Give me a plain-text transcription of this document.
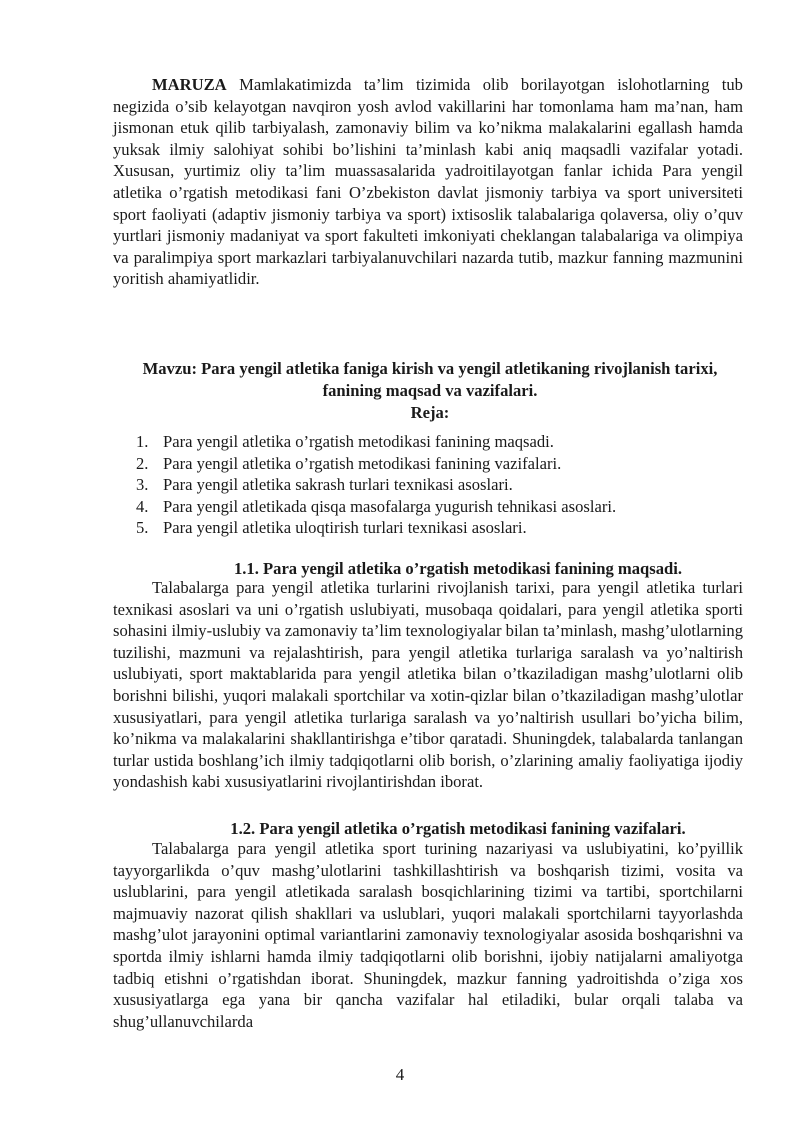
MARUZA Mamlakatimizda ta’lim tizimida olib borilayotgan islohotlarning tub negizida o’sib kelayotgan navqiron yosh avlod vakillarini har tomonlama ham ma’nan, ham jismonan etuk qilib tarbiyalash, zamonaviy bilim va ko’nikma malakalarini egallash hamda yuksak ilmiy salohiyat sohibi bo’lishini ta’minlash kabi aniq maqsadli vazifalar yotadi. Xususan, yurtimiz oliy ta’lim muassasalarida yadroitilayotgan fanlar ichida Para yengil atletika o’rgatish metodikasi fani O’zbekiston davlat jismoniy tarbiya va sport universiteti sport faoliyati (adaptiv jismoniy tarbiya va sport) ixtisoslik talabalariga qolaversa, oliy o’quv yurtlari jismoniy madaniyat va sport fakulteti imkoniyati cheklangan talabalariga va olimpiya va paralimpiya sport markazlari tarbiyalanuvchilari nazarda tutib, mazkur fanning mazmunini yoritish ahamiyatlidir.

Mavzu: Para yengil atletika faniga kirish va yengil atletikaning rivojlanish tarixi,
fanining maqsad va vazifalari.
Reja:
1. Para yengil atletika o’rgatish metodikasi fanining maqsadi.
2. Para yengil atletika o’rgatish metodikasi fanining vazifalari.
3. Para yengil atletika sakrash turlari texnikasi asoslari.
4. Para yengil atletikada qisqa masofalarga yugurish tehnikasi asoslari.
5. Para yengil atletika uloqtirish turlari texnikasi asoslari.
1.1. Para yengil atletika o’rgatish metodikasi fanining maqsadi.

Talabalarga para yengil atletika turlarini rivojlanish tarixi, para yengil atletika turlari texnikasi asoslari va uni o’rgatish uslubiyati, musobaqa qoidalari, para yengil atletika sporti sohasini ilmiy-uslubiy va zamonaviy ta’lim texnologiyalar bilan ta’minlash, mashg’ulotlarning tuzilishi, mazmuni va rejalashtirish, para yengil atletika turlariga saralash va yo’naltirish uslubiyati, sport maktablarida para yengil atletika bilan o’tkaziladigan mashg’ulotlarni olib borishni bilishi, yuqori malakali sportchilar va xotin-qizlar bilan o’tkaziladigan mashg’ulotlar xususiyatlari, para yengil atletika turlariga saralash va yo’naltirish usullari bo’yicha bilim, ko’nikma va malakalarini shakllantirishga e’tibor qaratadi. Shuningdek, talabalarda tanlangan turlar ustida boshlang’ich ilmiy tadqiqotlarni olib borish, o’zlarining amaliy faoliyatiga ijodiy yondashish kabi xususiyatlarini rivojlantirishdan iborat.

1.2. Para yengil atletika o’rgatish metodikasi fanining vazifalari.

Talabalarga para yengil atletika sport turining nazariyasi va uslubiyatini, ko’pyillik tayyorgarlikda o’quv mashg’ulotlarini tashkillashtirish va boshqarish tizimi, vosita va uslublarini, para yengil atletikada saralash bosqichlarining tizimi va tartibi, sportchilarni majmuaviy nazorat qilish shakllari va uslublari, yuqori malakali sportchilarni tayyorlashda mashg’ulot jarayonini optimal variantlarini zamonaviy texnologiyalar asosida boshqarishni va sportda ilmiy ishlarni hamda ilmiy tadqiqotlarni olib borishni, ijobiy natijalarni amaliyotga tadbiq etishni o’rgatishdan iborat. Shuningdek, mazkur fanning yadroitishda o’ziga xos xususiyatlarga ega yana bir qancha vazifalar hal etiladiki, bular orqali talaba va shug’ullanuvchilarda

4
